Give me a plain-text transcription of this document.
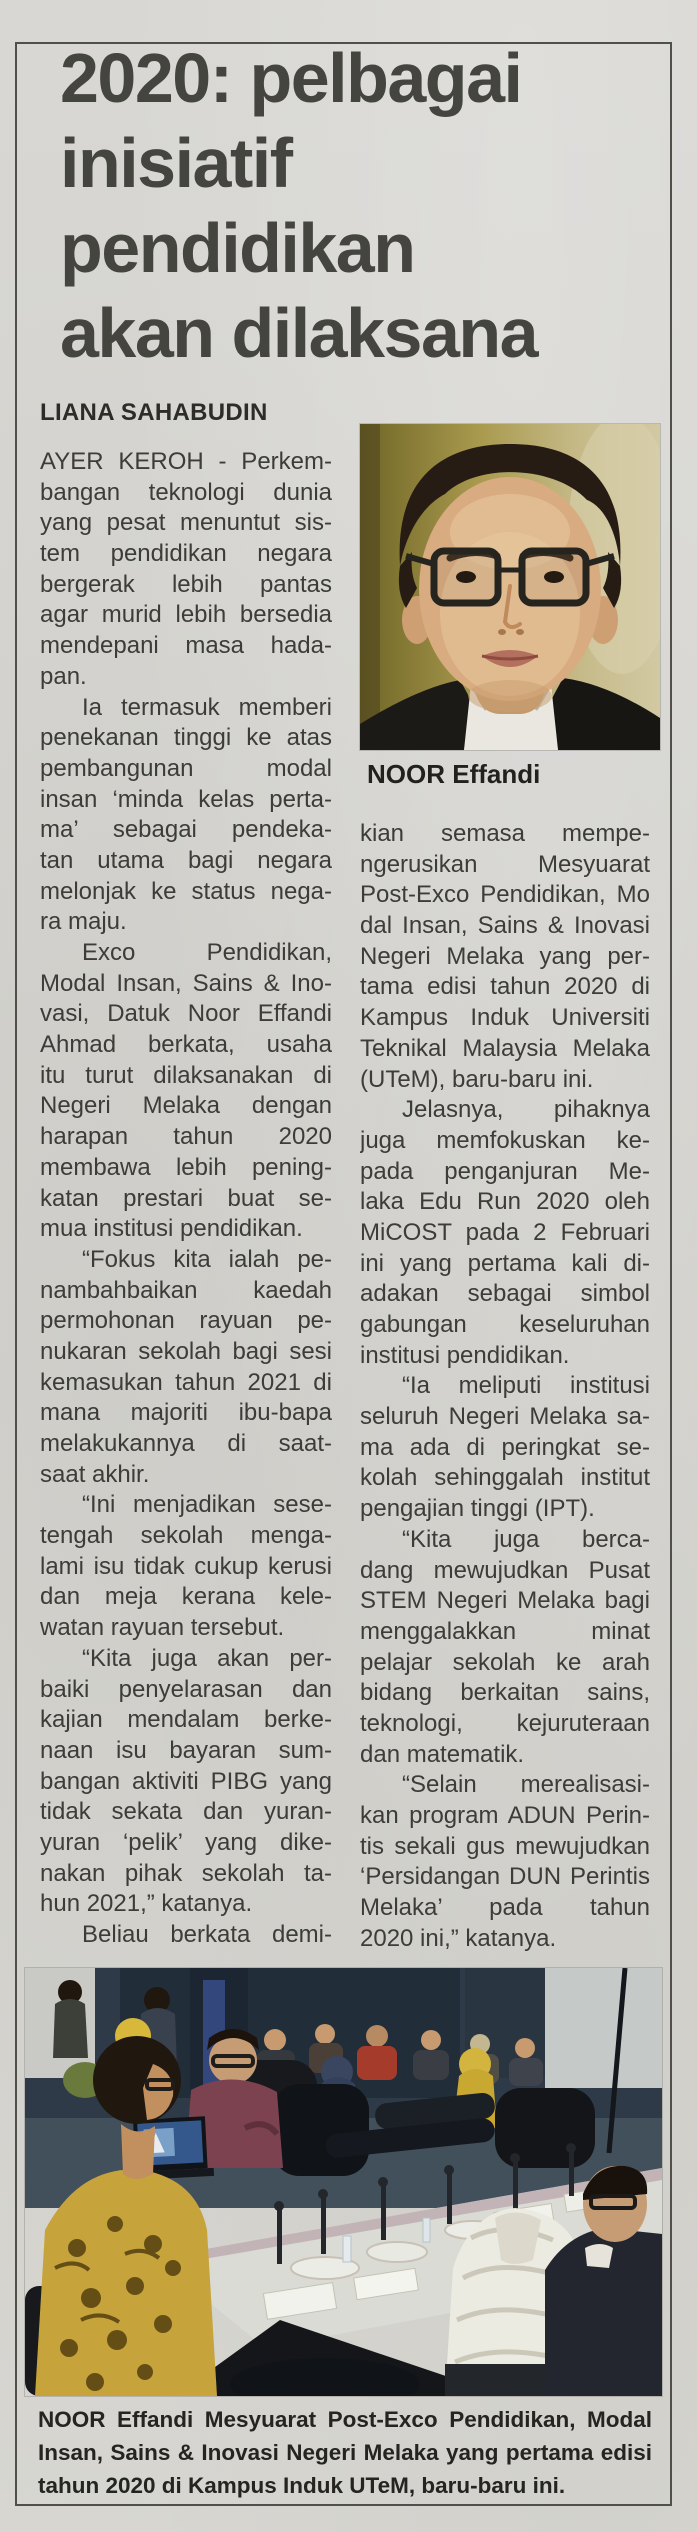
2020: pelbagai
inisiatif
pendidikan
akan dilaksana
LIANA SAHABUDIN
NOOR Effandi
AYER KEROH - Perkem-
bangan teknologi dunia
yang pesat menuntut sis-
tem pendidikan negara
bergerak lebih pantas
agar murid lebih bersedia
mendepani masa hada-
pan.
Ia termasuk memberi
penekanan tinggi ke atas
pembangunan modal
insan ‘minda kelas perta-
ma’ sebagai pendeka-
tan utama bagi negara
melonjak ke status nega-
ra maju.
Exco Pendidikan,
Modal Insan, Sains & Ino-
vasi, Datuk Noor Effandi
Ahmad berkata, usaha
itu turut dilaksanakan di
Negeri Melaka dengan
harapan tahun 2020
membawa lebih pening-
katan prestari buat se-
mua institusi pendidikan.
“Fokus kita ialah pe-
nambahbaikan kaedah
permohonan rayuan pe-
nukaran sekolah bagi sesi
kemasukan tahun 2021 di
mana majoriti ibu-bapa
melakukannya di saat-
saat akhir.
“Ini menjadikan sese-
tengah sekolah menga-
lami isu tidak cukup kerusi
dan meja kerana kele-
watan rayuan tersebut.
“Kita juga akan per-
baiki penyelarasan dan
kajian mendalam berke-
naan isu bayaran sum-
bangan aktiviti PIBG yang
tidak sekata dan yuran-
yuran ‘pelik’ yang dike-
nakan pihak sekolah ta-
hun 2021,” katanya.
Beliau berkata demi-
kian semasa mempe-
ngerusikan Mesyuarat
Post-Exco Pendidikan, Mo
dal Insan, Sains & Inovasi
Negeri Melaka yang per-
tama edisi tahun 2020 di
Kampus Induk Universiti
Teknikal Malaysia Melaka
(UTeM), baru-baru ini.
Jelasnya, pihaknya
juga memfokuskan ke-
pada penganjuran Me-
laka Edu Run 2020 oleh
MiCOST pada 2 Februari
ini yang pertama kali di-
adakan sebagai simbol
gabungan keseluruhan
institusi pendidikan.
“Ia meliputi institusi
seluruh Negeri Melaka sa-
ma ada di peringkat se-
kolah sehinggalah institut
pengajian tinggi (IPT).
“Kita juga berca-
dang mewujudkan Pusat
STEM Negeri Melaka bagi
menggalakkan minat
pelajar sekolah ke arah
bidang berkaitan sains,
teknologi, kejuruteraan
dan matematik.
“Selain merealisasi-
kan program ADUN Perin-
tis sekali gus mewujudkan
‘Persidangan DUN Perintis
Melaka’ pada tahun
2020 ini,” katanya.
NOOR Effandi Mesyuarat Post-Exco Pendidikan, Modal
Insan, Sains & Inovasi Negeri Melaka yang pertama edisi
tahun 2020 di Kampus Induk UTeM, baru-baru ini.
